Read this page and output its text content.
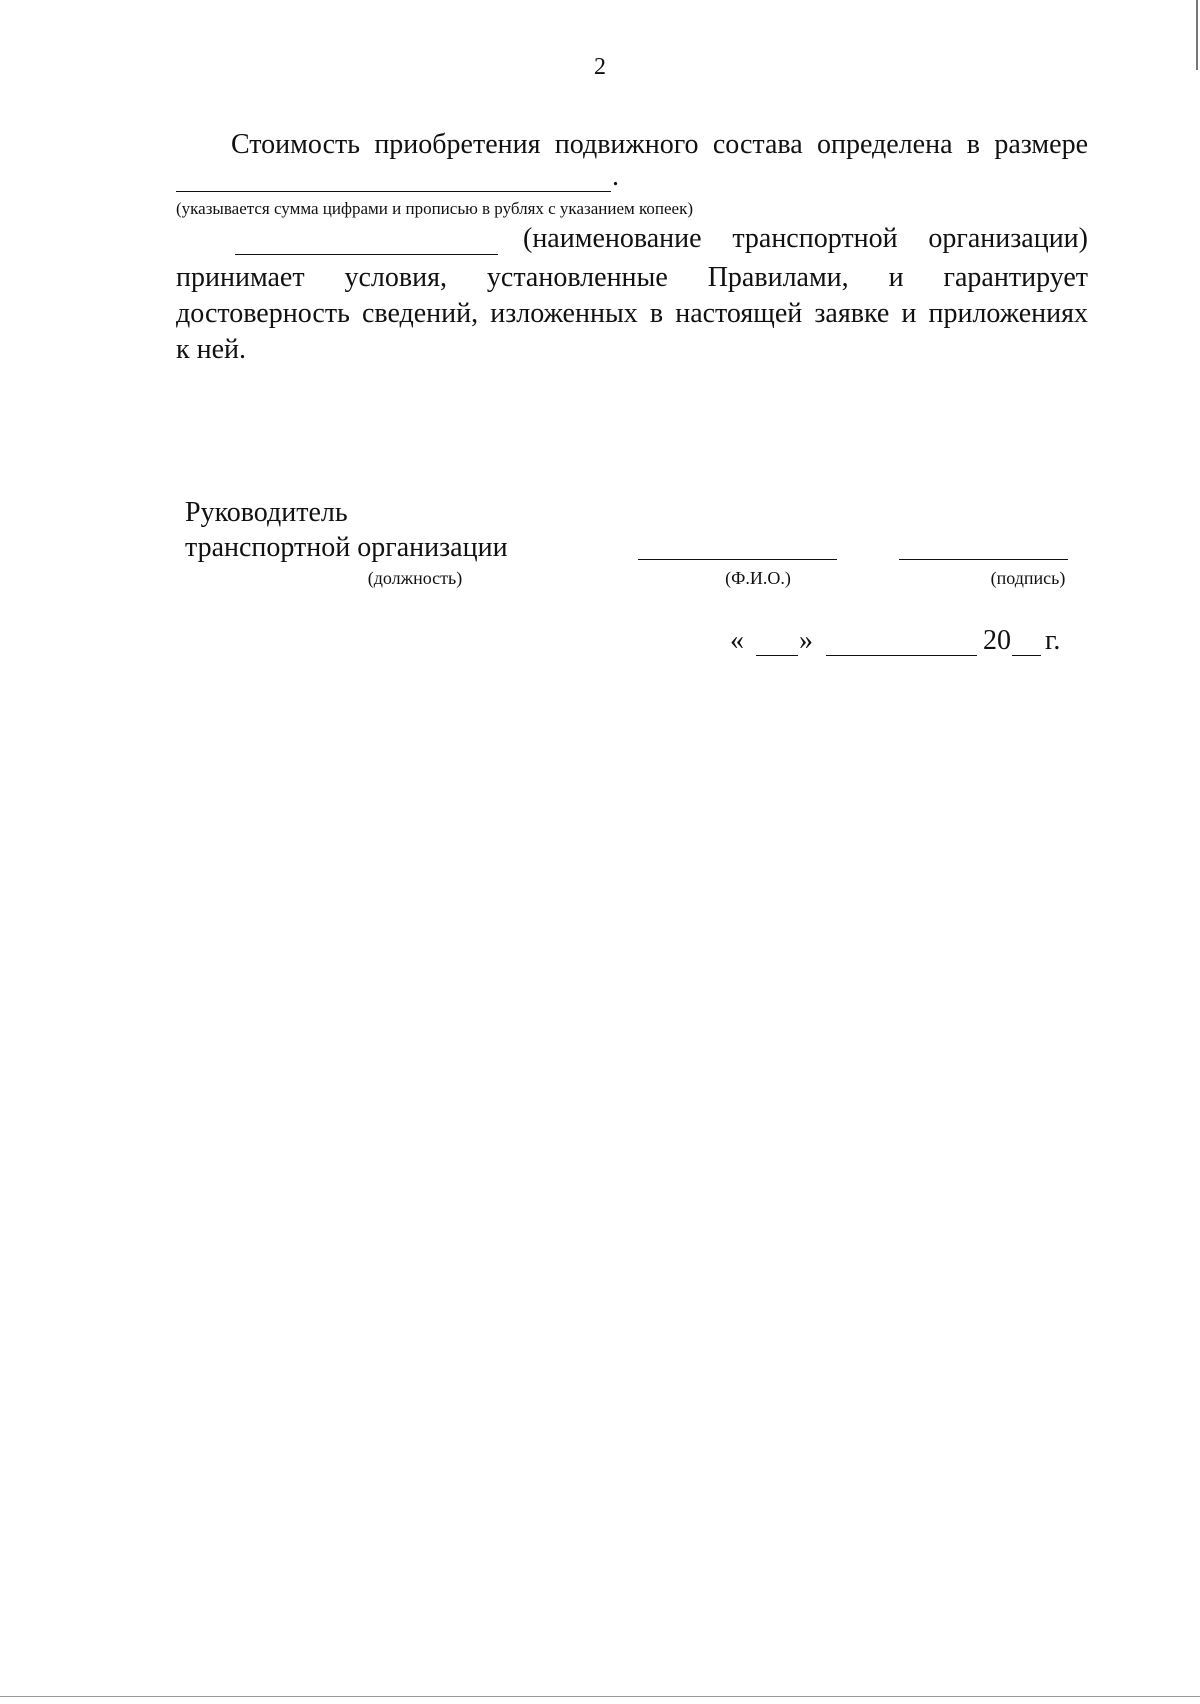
2
Стоимость приобретения подвижного состава определена в размере
.
(указывается сумма цифрами и прописью в рублях с указанием копеек)
(наименование транспортной организации)
принимает условия, установленные Правилами, и гарантирует
достоверность сведений, изложенных в настоящей заявке и приложениях
к ней.
Руководитель
транспортной организации
(должность)	(Ф.И.О.)	(подпись)
« »	20 г.
